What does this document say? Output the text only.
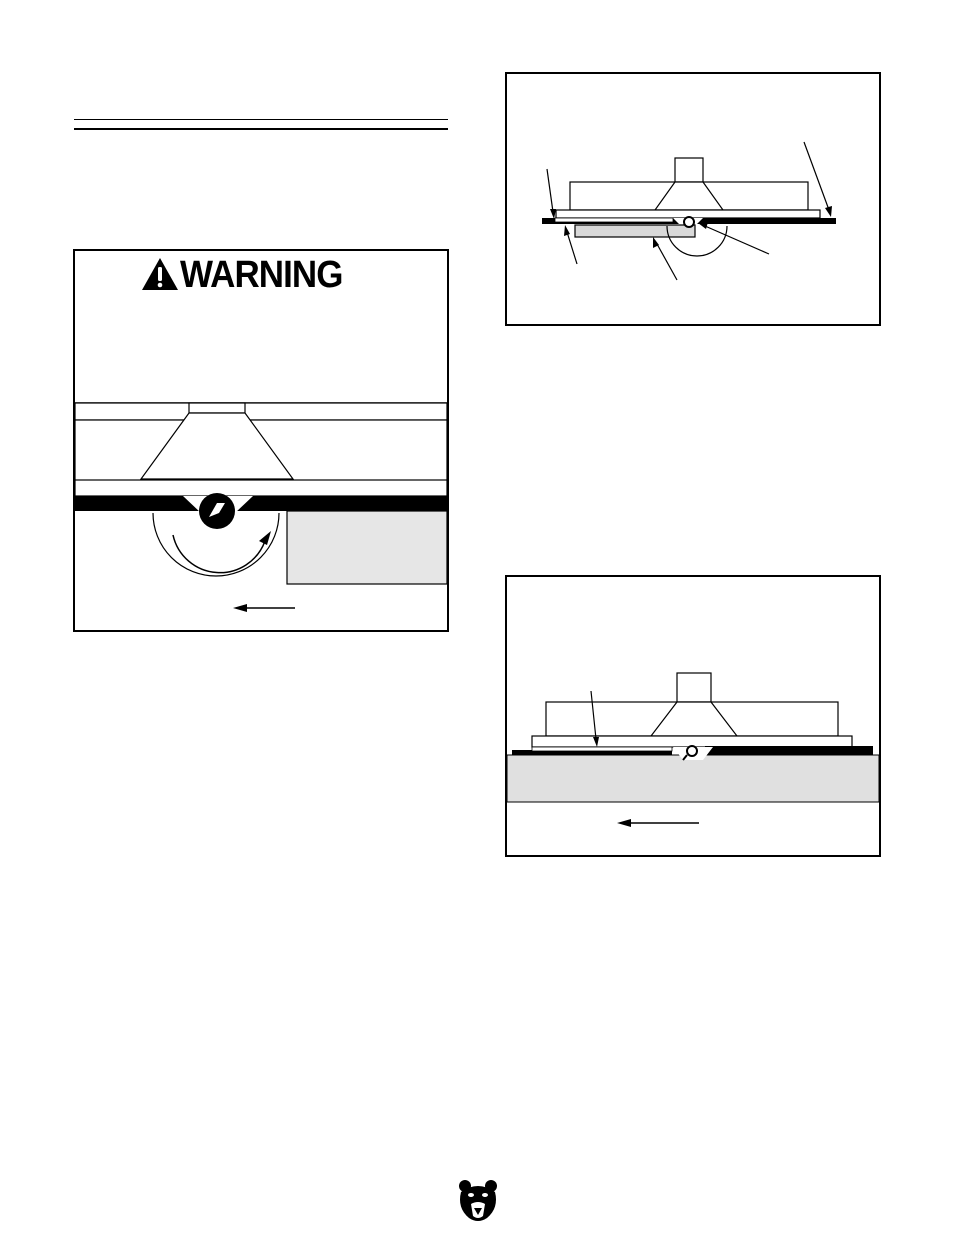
WARNING
